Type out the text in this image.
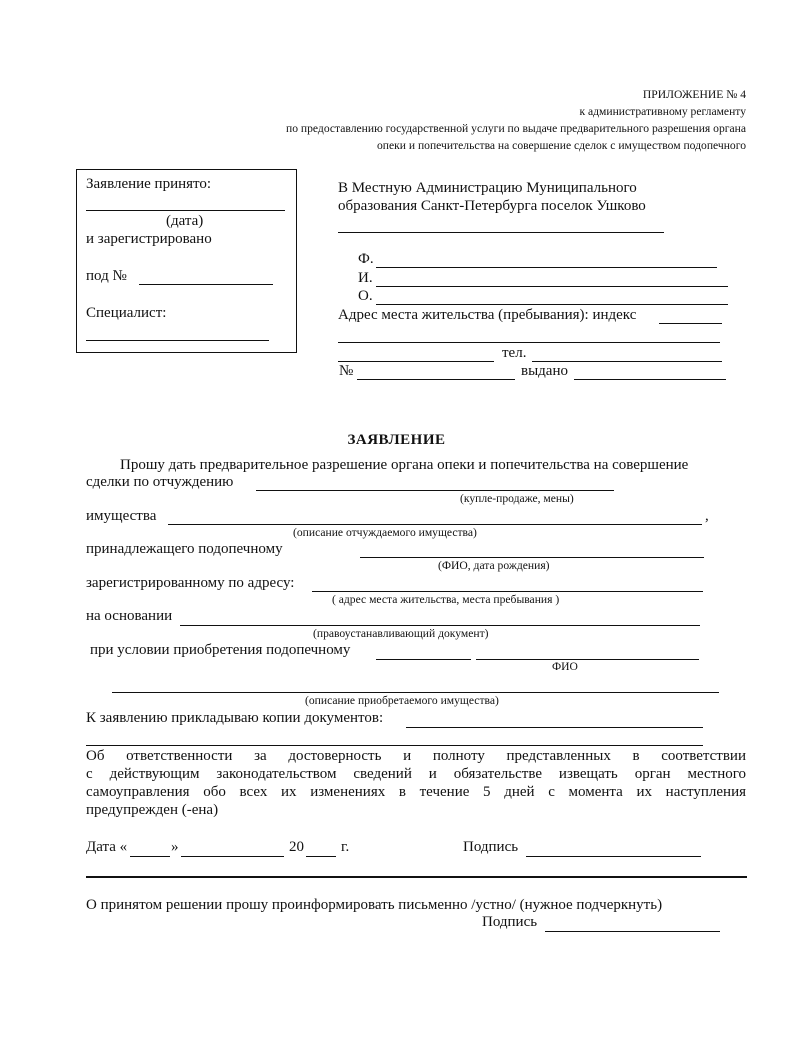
ПРИЛОЖЕНИЕ № 4
к административному регламенту
по предоставлению государственной услуги по выдаче предварительного разрешения органа
опеки и попечительства на совершение сделок с имуществом подопечного
Заявление принято:
(дата)
и зарегистрировано
под №
Специалист:
В Местную Администрацию Муниципального
образования Санкт-Петербурга поселок Ушково
Ф.
И.
О.
Адрес места жительства (пребывания): индекс
тел.
№	выдано
ЗАЯВЛЕНИЕ
Прошу дать предварительное разрешение органа опеки и попечительства на совершение
сделки по отчуждению
(купле-продаже, мены)
имущества	,
(описание отчуждаемого имущества)
принадлежащего подопечному
(ФИО, дата рождения)
зарегистрированному по адресу:
( адрес места жительства, места пребывания )
на основании
(правоустанавливающий документ)
при условии приобретения подопечному
ФИО
(описание приобретаемого имущества)
К заявлению прикладываю копии документов:
Об ответственности за достоверность и полноту представленных в соответствии
с действующим законодательством сведений и обязательстве извещать орган местного
самоуправления обо всех их изменениях в течение 5 дней с момента их наступления
предупрежден (-ена)
Дата «	»	20 г.	Подпись
О принятом решении прошу проинформировать письменно /устно/ (нужное подчеркнуть)
Подпись
